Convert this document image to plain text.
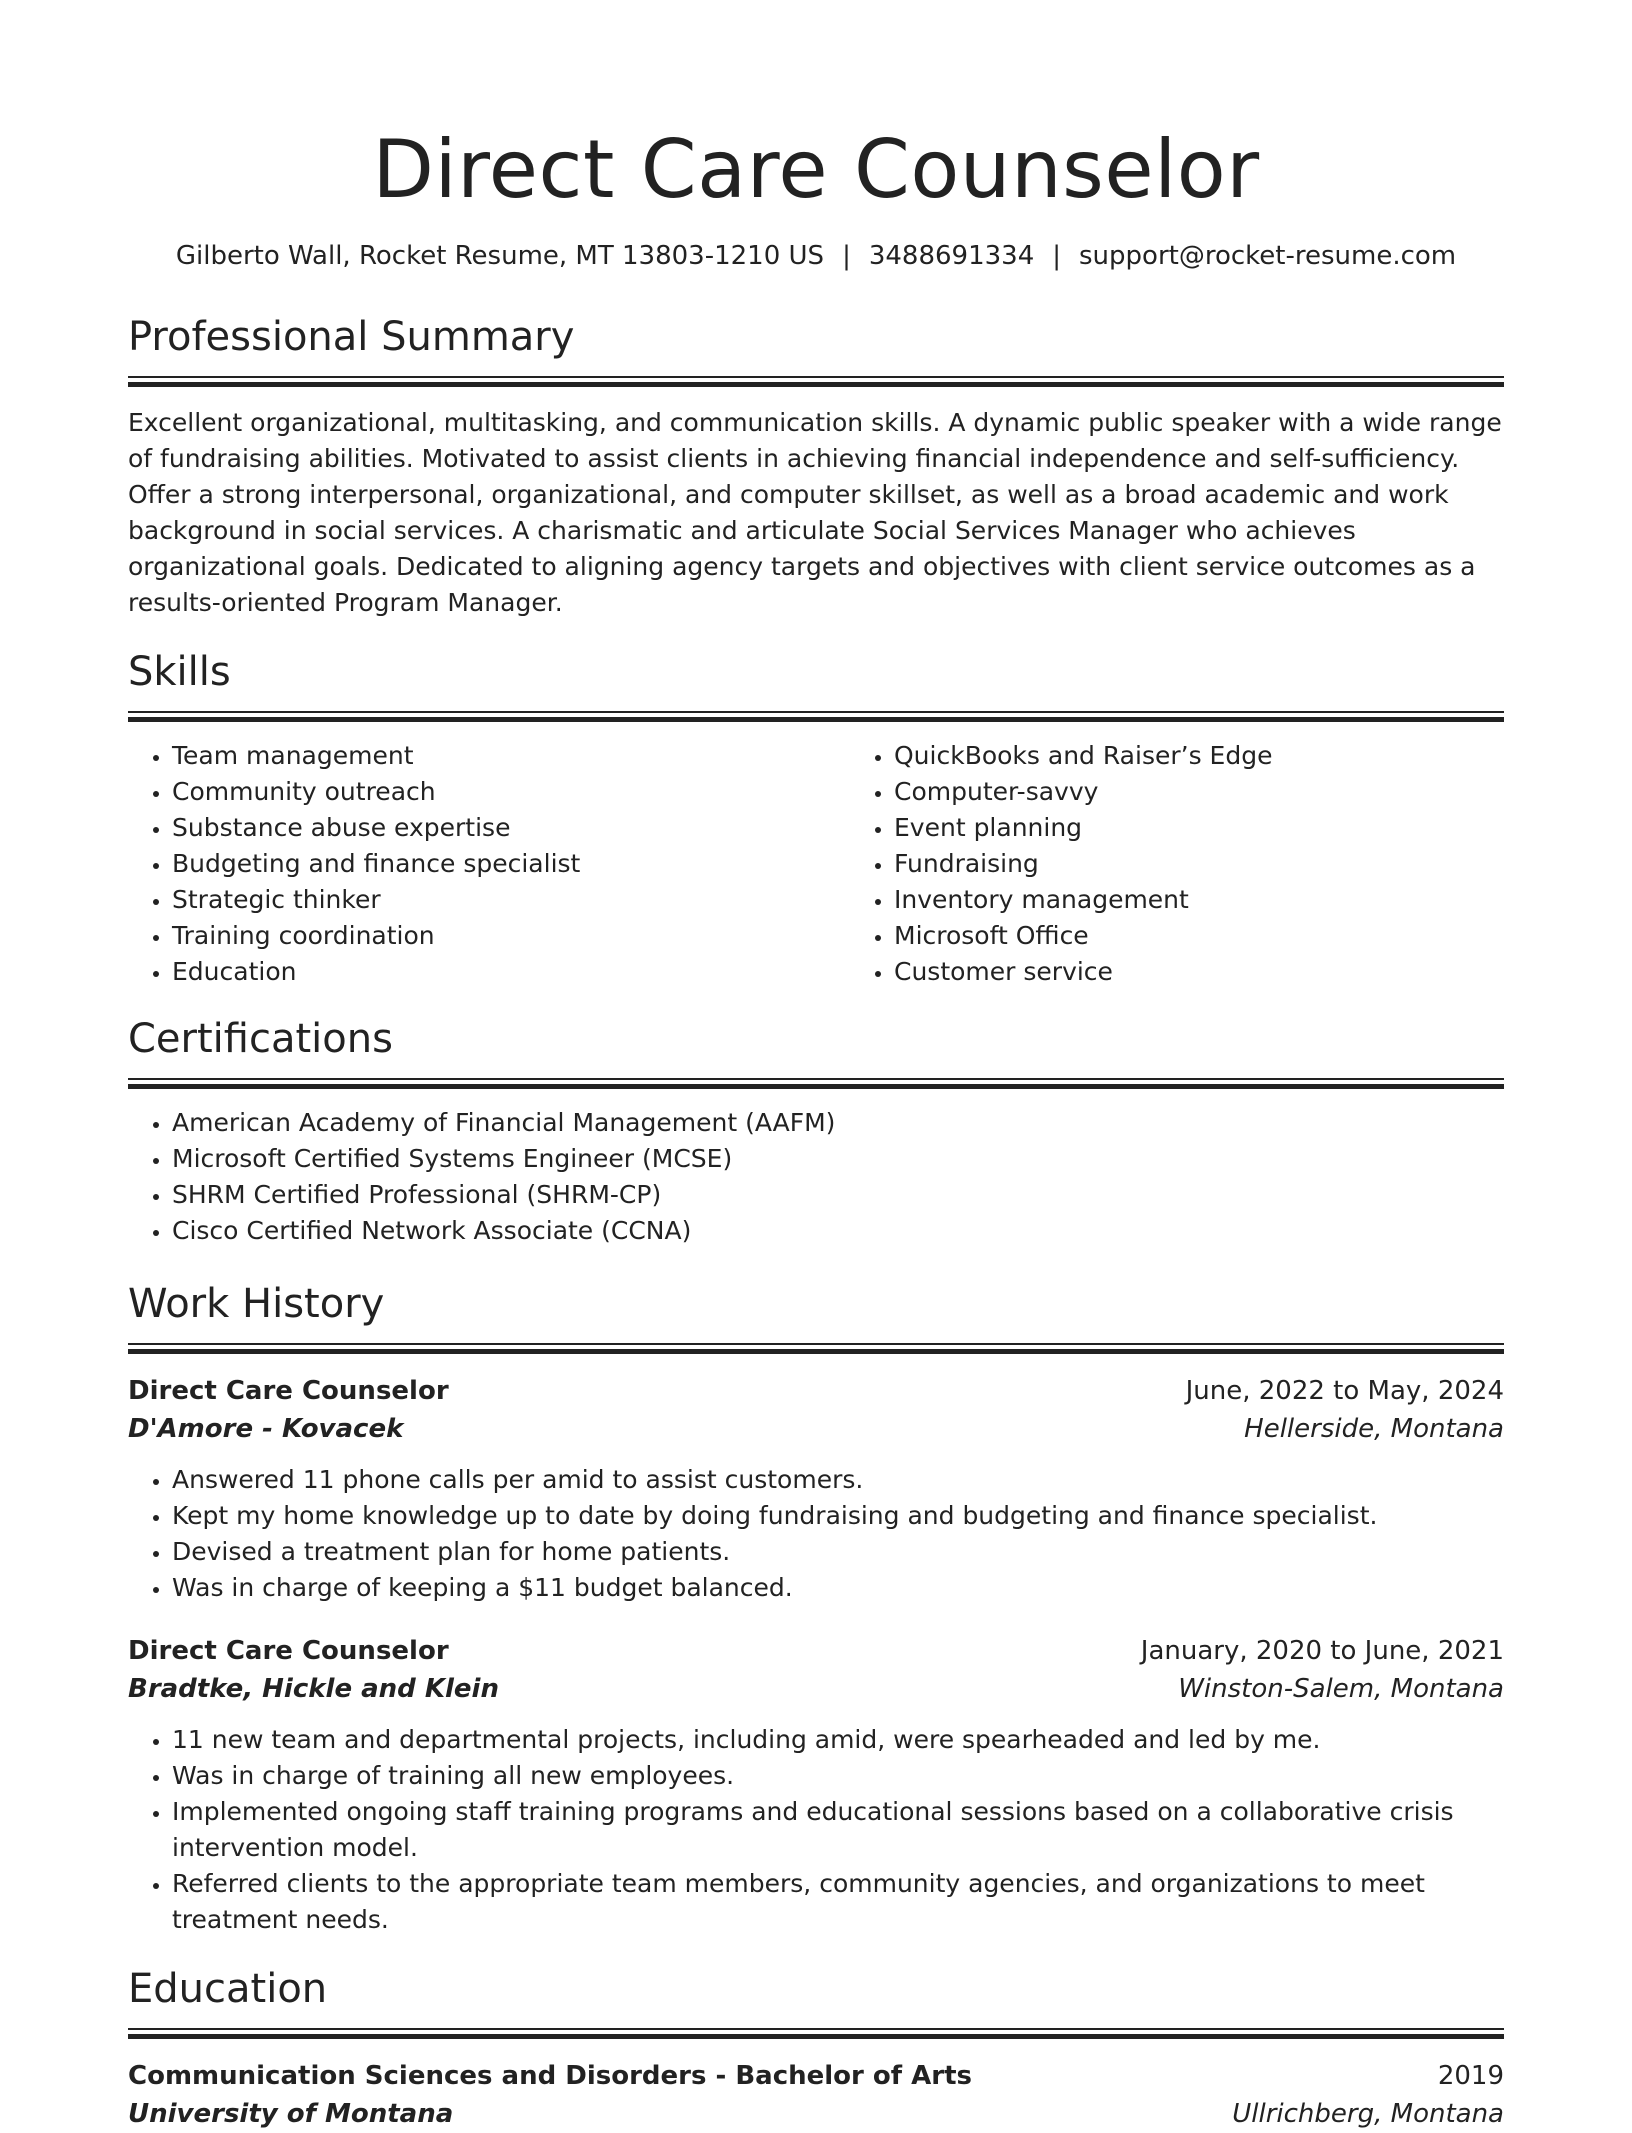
Direct Care Counselor
Gilberto Wall, Rocket Resume, MT 13803-1210 US | 3488691334 | support@rocket-resume.com
Professional Summary

Excellent organizational, multitasking, and communication skills. A dynamic public speaker with a wide range of fundraising abilities. Motivated to assist clients in achieving financial independence and self-sufficiency. Offer a strong interpersonal, organizational, and computer skillset, as well as a broad academic and work background in social services. A charismatic and articulate Social Services Manager who achieves organizational goals. Dedicated to aligning agency targets and objectives with client service outcomes as a results-oriented Program Manager.

Skills
• Team management
• Community outreach
• Substance abuse expertise
• Budgeting and finance specialist
• Strategic thinker
• Training coordination
• Education
• QuickBooks and Raiser’s Edge
• Computer-savvy
• Event planning
• Fundraising
• Inventory management
• Microsoft Office
• Customer service
Certifications
• American Academy of Financial Management (AAFM)
• Microsoft Certified Systems Engineer (MCSE)
• SHRM Certified Professional (SHRM-CP)
• Cisco Certified Network Associate (CCNA)
Work History
Direct Care Counselor	June, 2022 to May, 2024
D'Amore - Kovacek	Hellerside, Montana
• Answered 11 phone calls per amid to assist customers.
• Kept my home knowledge up to date by doing fundraising and budgeting and finance specialist.
• Devised a treatment plan for home patients.
• Was in charge of keeping a $11 budget balanced.
Direct Care Counselor	January, 2020 to June, 2021
Bradtke, Hickle and Klein	Winston-Salem, Montana
• 11 new team and departmental projects, including amid, were spearheaded and led by me.
• Was in charge of training all new employees.
• Implemented ongoing staff training programs and educational sessions based on a collaborative crisis intervention model.
• Referred clients to the appropriate team members, community agencies, and organizations to meet treatment needs.
Education
Communication Sciences and Disorders - Bachelor of Arts	2019
University of Montana	Ullrichberg, Montana
